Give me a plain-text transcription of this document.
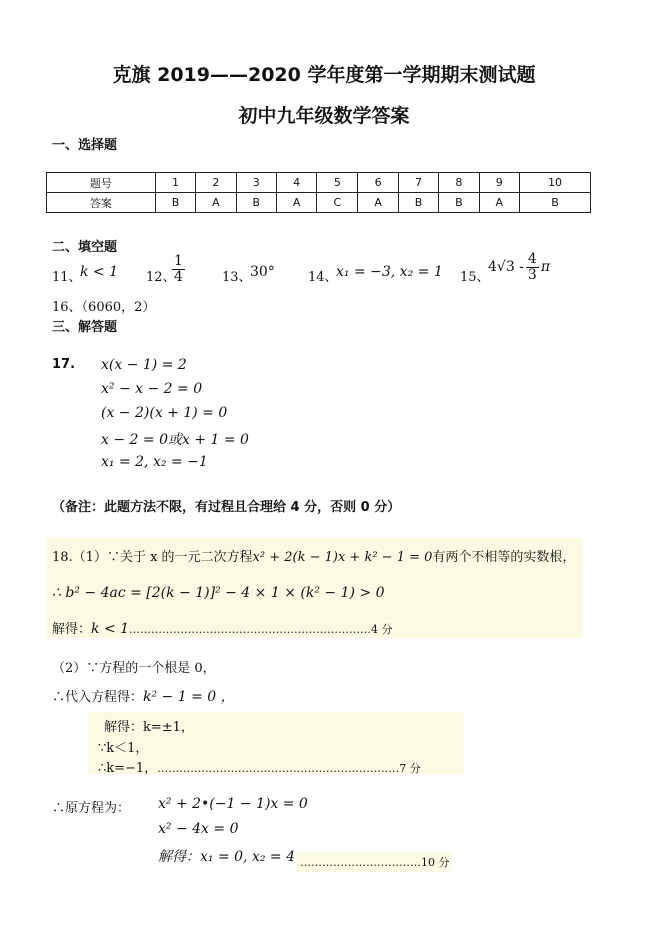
克旗 2019——2020 学年度第一学期期末测试题
初中九年级数学答案
一、选择题
题号	1	2	3	4	5	6	7	8	9	10
答案	B	A	B	A	C	A	B	B	A	B
二、填空题
11、
k < 1 12、
$\frac{1}{4}$	13、
30°	14、
x₁ = −3, x₂ = 1 15、
$4√3 - \frac{4}{3}$ π
16、（6060，2）
三、解答题
17. x(x − 1) = 2
x² − x − 2 = 0
(x − 2)(x + 1) = 0
x − 2 = 0或x + 1 = 0
x₁ = 2, x₂ = −1
（备注：此题方法不限，有过程且合理给 4 分，否则 0 分）
18.（1）∵关于 x 的一元二次方程x² + 2(k − 1)x + k² − 1 = 0有两个不相等的实数根，
∴ b² − 4ac = [2(k − 1)]² − 4 × 1 × (k² − 1) > 0
解得：k < 1…………………………………………………………4 分
（2）∵方程的一个根是 0，
∴代入方程得：k² − 1 = 0 ，
解得：k=±1，
∵k＜1，
∴k=−1，…………………………………………………………7 分
∴原方程为： x² + 2•(−1 − 1)x = 0
x² − 4x = 0
解得：x₁ = 0, x₂ = 4 ……………………………10 分
